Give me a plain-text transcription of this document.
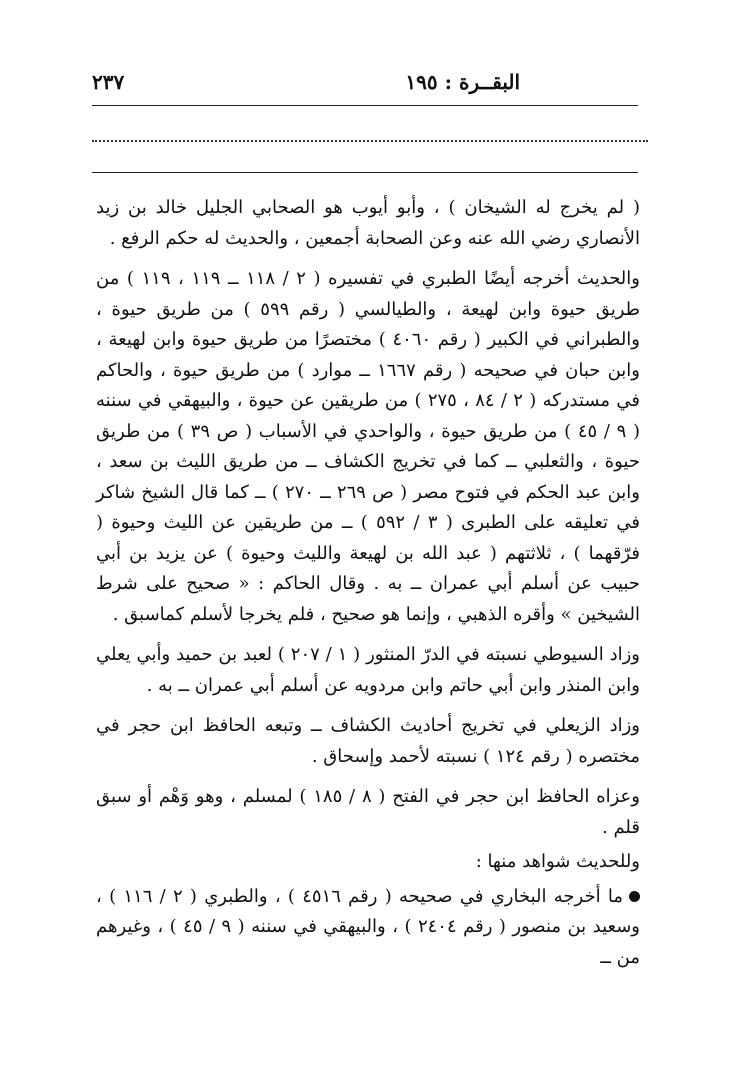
البقــرة : ١٩٥
٢٣٧

( لم يخرج له الشيخان ) ، وأبو أيوب هو الصحابي الجليل خالد بن زيد الأنصاري رضي الله عنه وعن الصحابة أجمعين ، والحديث له حكم الرفع .

والحديث أخرجه أيضًا الطبري في تفسيره ( ٢ / ١١٨ ــ ١١٩ ، ١١٩ ) من طريق حيوة وابن لهيعة ، والطيالسي ( رقم ٥٩٩ ) من طريق حيوة ، والطبراني في الكبير ( رقم ٤٠٦٠ ) مختصرًا من طريق حيوة وابن لهيعة ، وابن حبان في صحيحه ( رقم ١٦٦٧ ــ موارد ) من طريق حيوة ، والحاكم في مستدركه ( ٢ / ٨٤ ، ٢٧٥ ) من طريقين عن حيوة ، والبيهقي في سننه ( ٩ / ٤٥ ) من طريق حيوة ، والواحدي في الأسباب ( ص ٣٩ ) من طريق حيوة ، والثعلبي ــ كما في تخريج الكشاف ــ من طريق الليث بن سعد ، وابن عبد الحكم في فتوح مصر ( ص ٢٦٩ ــ ٢٧٠ ) ــ كما قال الشيخ شاكر في تعليقه على الطبرى ( ٣ / ٥٩٢ ) ــ من طريقين عن الليث وحيوة ( فرّقهما ) ، ثلاثتهم ( عبد الله بن لهيعة والليث وحيوة ) عن يزيد بن أبي حبيب عن أسلم أبي عمران ــ به . وقال الحاكم : « صحيح على شرط الشيخين » وأقره الذهبي ، وإنما هو صحيح ، فلم يخرجا لأسلم كماسبق .

وزاد السيوطي نسبته في الدرّ المنثور ( ١ / ٢٠٧ ) لعبد بن حميد وأبي يعلي وابن المنذر وابن أبي حاتم وابن مردويه عن أسلم أبي عمران ــ به .

وزاد الزيعلي في تخريج أحاديث الكشاف ــ وتبعه الحافظ ابن حجر في مختصره ( رقم ١٢٤ ) نسبته لأحمد وإسحاق .

وعزاه الحافظ ابن حجر في الفتح ( ٨ / ١٨٥ ) لمسلم ، وهو وَهْم أو سبق قلم .

وللحديث شواهد منها :

ما أخرجه البخاري في صحيحه ( رقم ٤٥١٦ ) ، والطبري ( ٢ / ١١٦ ) ، وسعيد بن منصور ( رقم ٢٤٠٤ ) ، والبيهقي في سننه ( ٩ / ٤٥ ) ، وغيرهم من ــ
